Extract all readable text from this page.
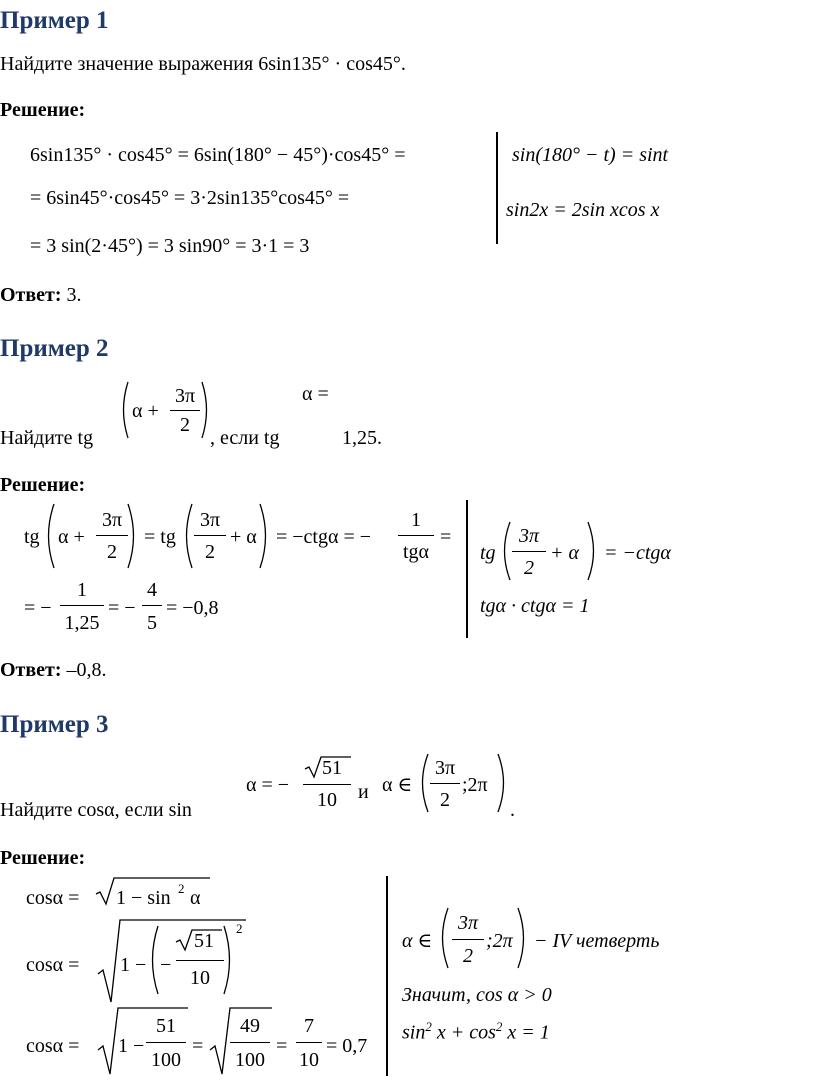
Пример 1
Найдите значение выражения 6sin135° · cos45°.
Решение:
6sin135° · cos45° = 6sin(180° − 45°)·cos45° =
= 6sin45°·cos45° = 3·2sin135°cos45° =
= 3 sin(2·45°) = 3 sin90° = 3·1 = 3
sin(180° − t) = sint
sin2x = 2sin xcos x
Ответ: 3.
Пример 2
Найдите tg
α +
3π
2
, если tg
α =
1,25.
Решение:
tg α +
3π
2
= tg
3π
2
+ α = −ctgα = −
1
tgα
=
= −
1
1,25
= −
4
5
= −0,8
tg
3π
2
+ α = −ctgα
tgα · ctgα = 1
Ответ: –0,8.
Пример 3
Найдите cosα, если sin
α = −
51
10	и α ∈
3π
2
;2π
.
Решение:
cosα = 1 − sin 2 α
cosα = 1 − −
51
10
2
cosα = 1 −
51
100
=
49
100
=
7
10
= 0,7
α ∈
3π
2
;2π − IV четверть
Значит, cos α > 0
$\sin^2 x + \cos^2 x = 1$
